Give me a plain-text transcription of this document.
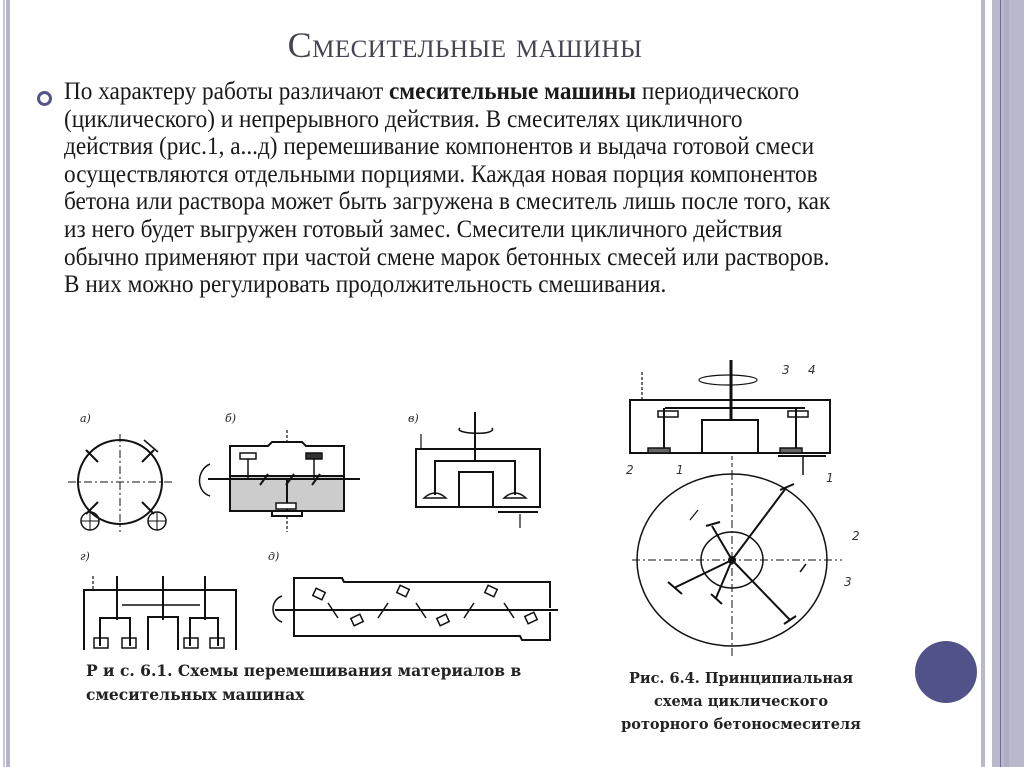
Смесительные машины
По характеру работы различают смесительные машины периодического (циклического) и непрерывного действия. В смесителях цикличного действия (рис.1, а...д) перемешивание компонентов и выдача готовой смеси осуществляются отдельными порциями. Каждая новая порция компонентов бетона или раствора может быть загружена в смеситель лишь после того, как из него будет выгружен готовый замес. Смесители цикличного действия обычно применяют при частой смене марок бетонных смесей или растворов. В них можно регулировать продолжительность смешивания.
а)	б)	в)
г)	д)
Р и с. 6.1. Схемы перемешивания материалов в
смесительных машинах
3 4
2	1
1
2
3
Рис. 6.4. Принципиальная
схема циклического
роторного бетоносмесителя
